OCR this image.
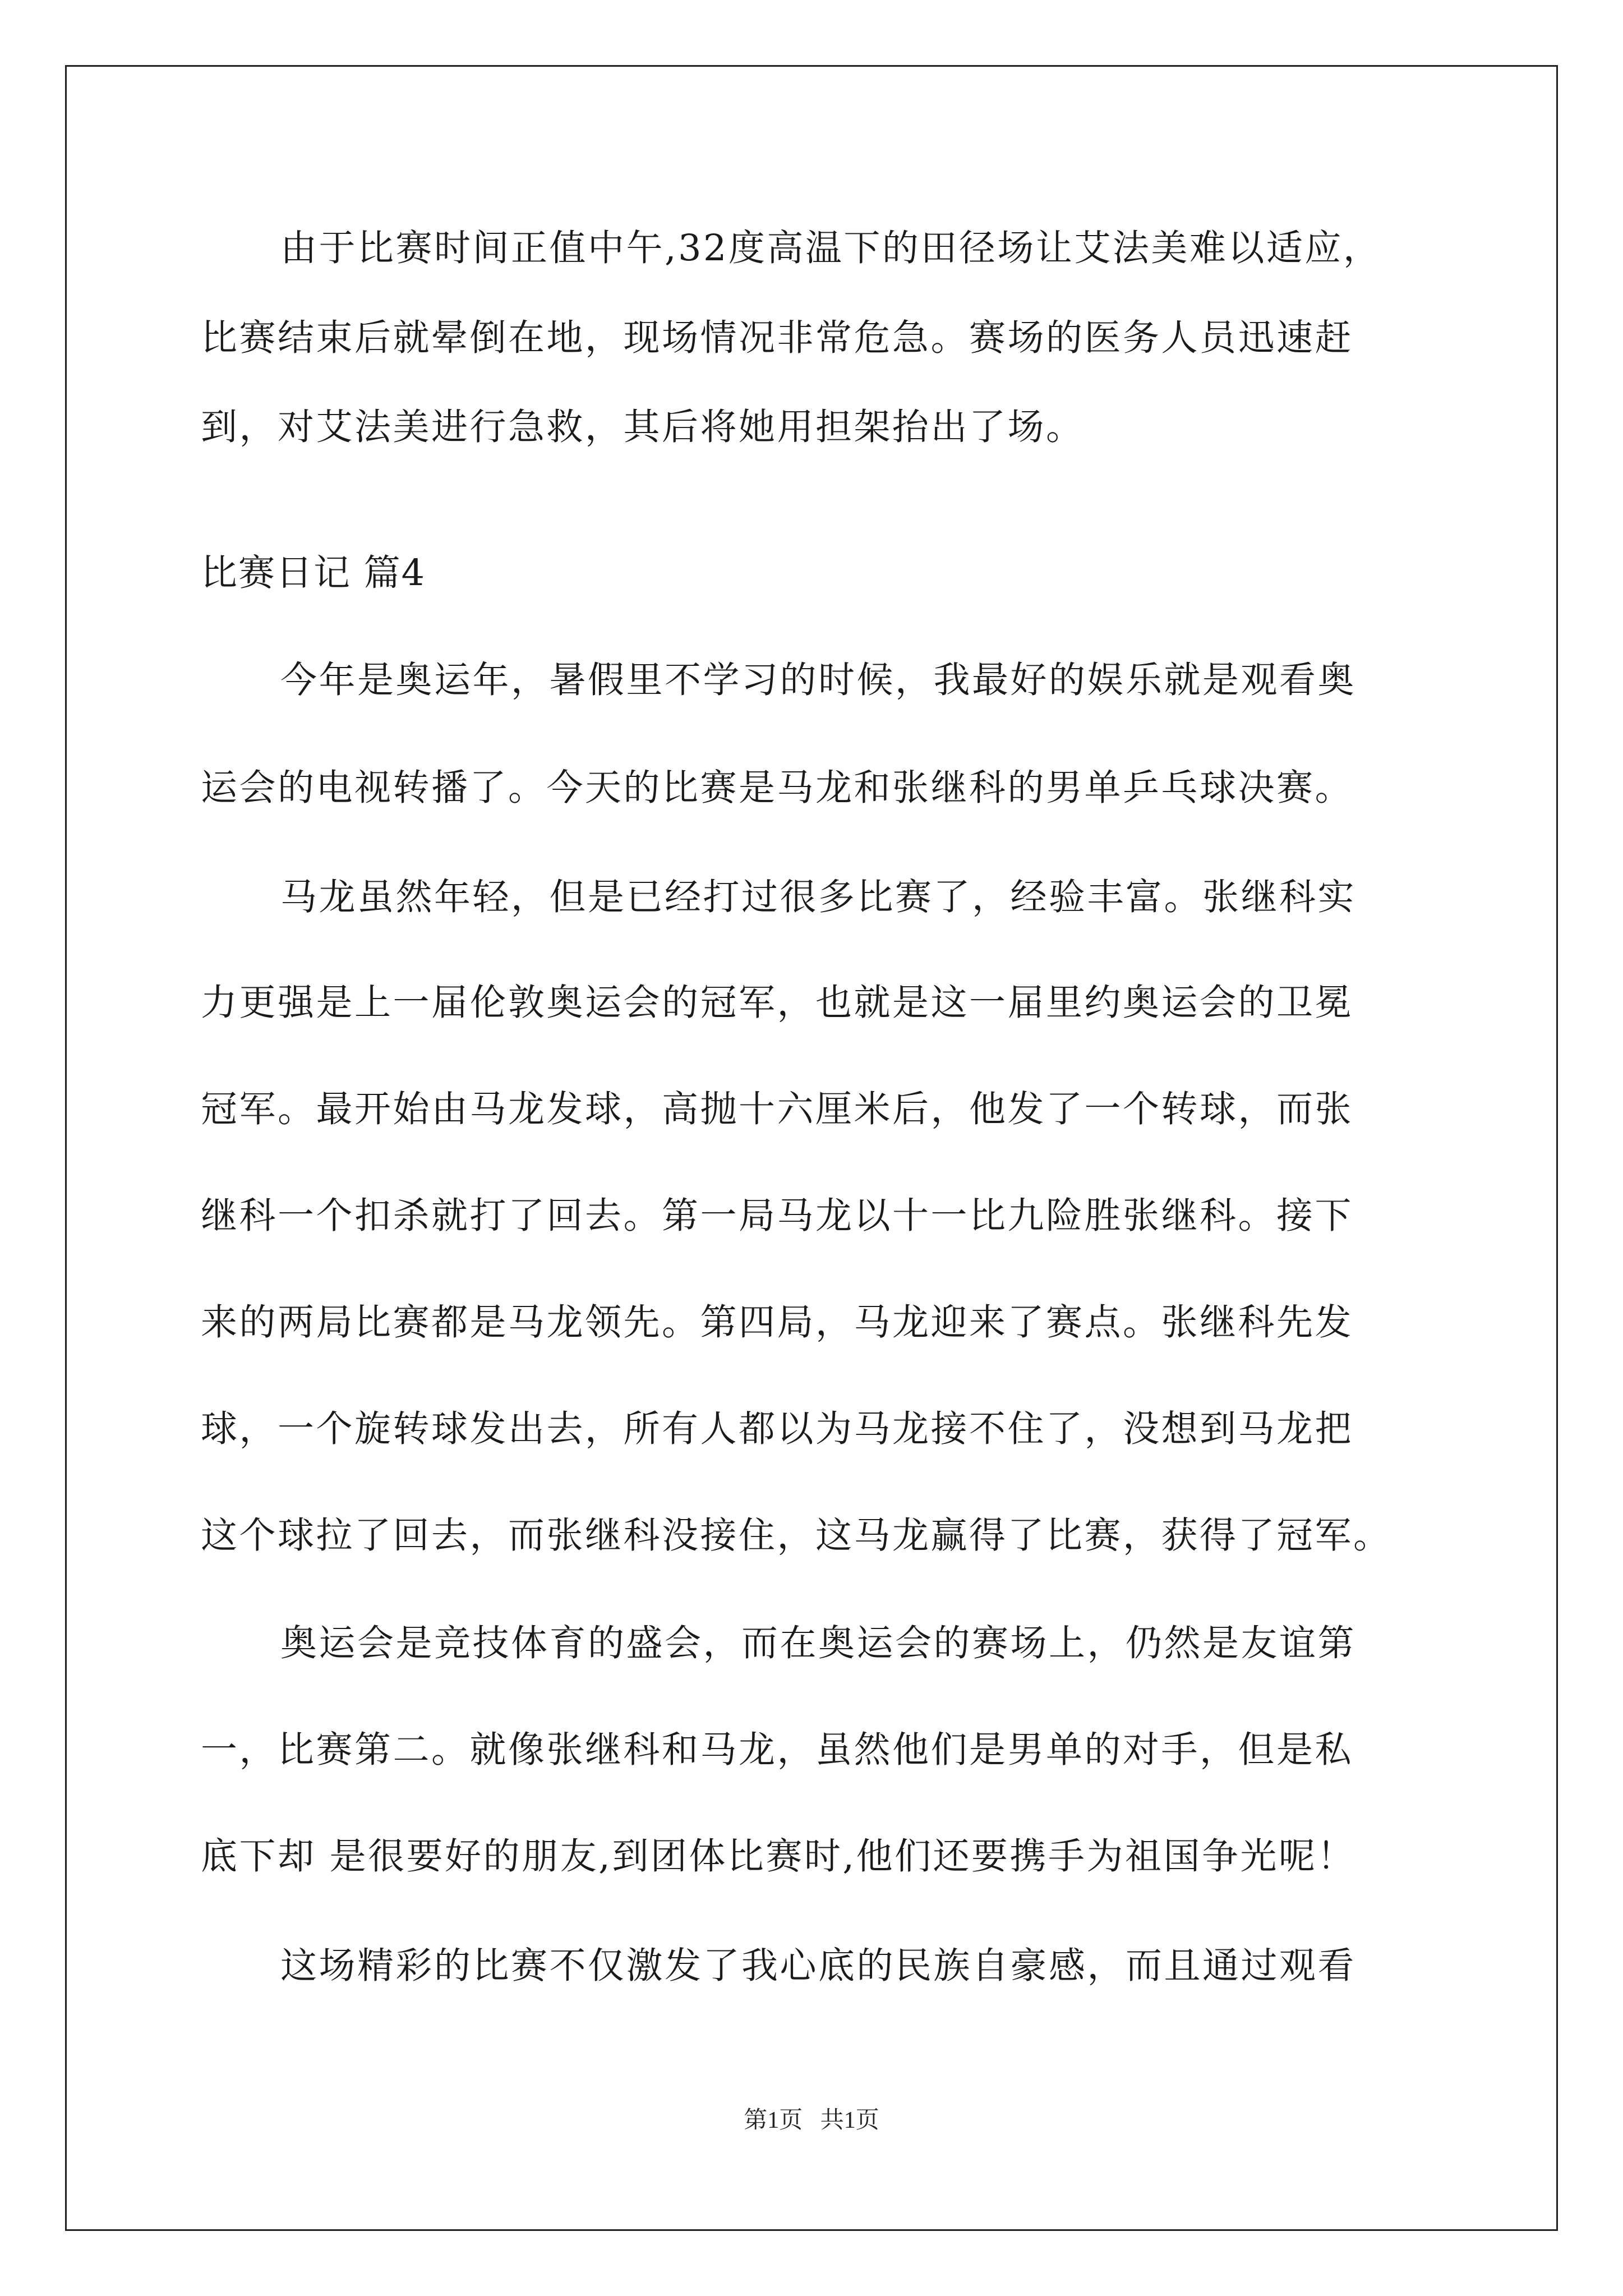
由于比赛时间正值中午,32度高温下的田径场让艾法美难以适应，
比赛结束后就晕倒在地，现场情况非常危急。赛场的医务人员迅速赶
到，对艾法美进行急救，其后将她用担架抬出了场。
比赛日记 篇4
今年是奥运年，暑假里不学习的时候，我最好的娱乐就是观看奥
运会的电视转播了。今天的比赛是马龙和张继科的男单乒乓球决赛。
马龙虽然年轻，但是已经打过很多比赛了，经验丰富。张继科实
力更强是上一届伦敦奥运会的冠军，也就是这一届里约奥运会的卫冕
冠军。最开始由马龙发球，高抛十六厘米后，他发了一个转球，而张
继科一个扣杀就打了回去。第一局马龙以十一比九险胜张继科。接下
来的两局比赛都是马龙领先。第四局，马龙迎来了赛点。张继科先发
球，一个旋转球发出去，所有人都以为马龙接不住了，没想到马龙把
这个球拉了回去，而张继科没接住，这马龙赢得了比赛，获得了冠军。
奥运会是竞技体育的盛会，而在奥运会的赛场上，仍然是友谊第
一，比赛第二。就像张继科和马龙，虽然他们是男单的对手，但是私
底下却 是很要好的朋友,到团体比赛时,他们还要携手为祖国争光呢！
这场精彩的比赛不仅激发了我心底的民族自豪感，而且通过观看
第1页   共1页
